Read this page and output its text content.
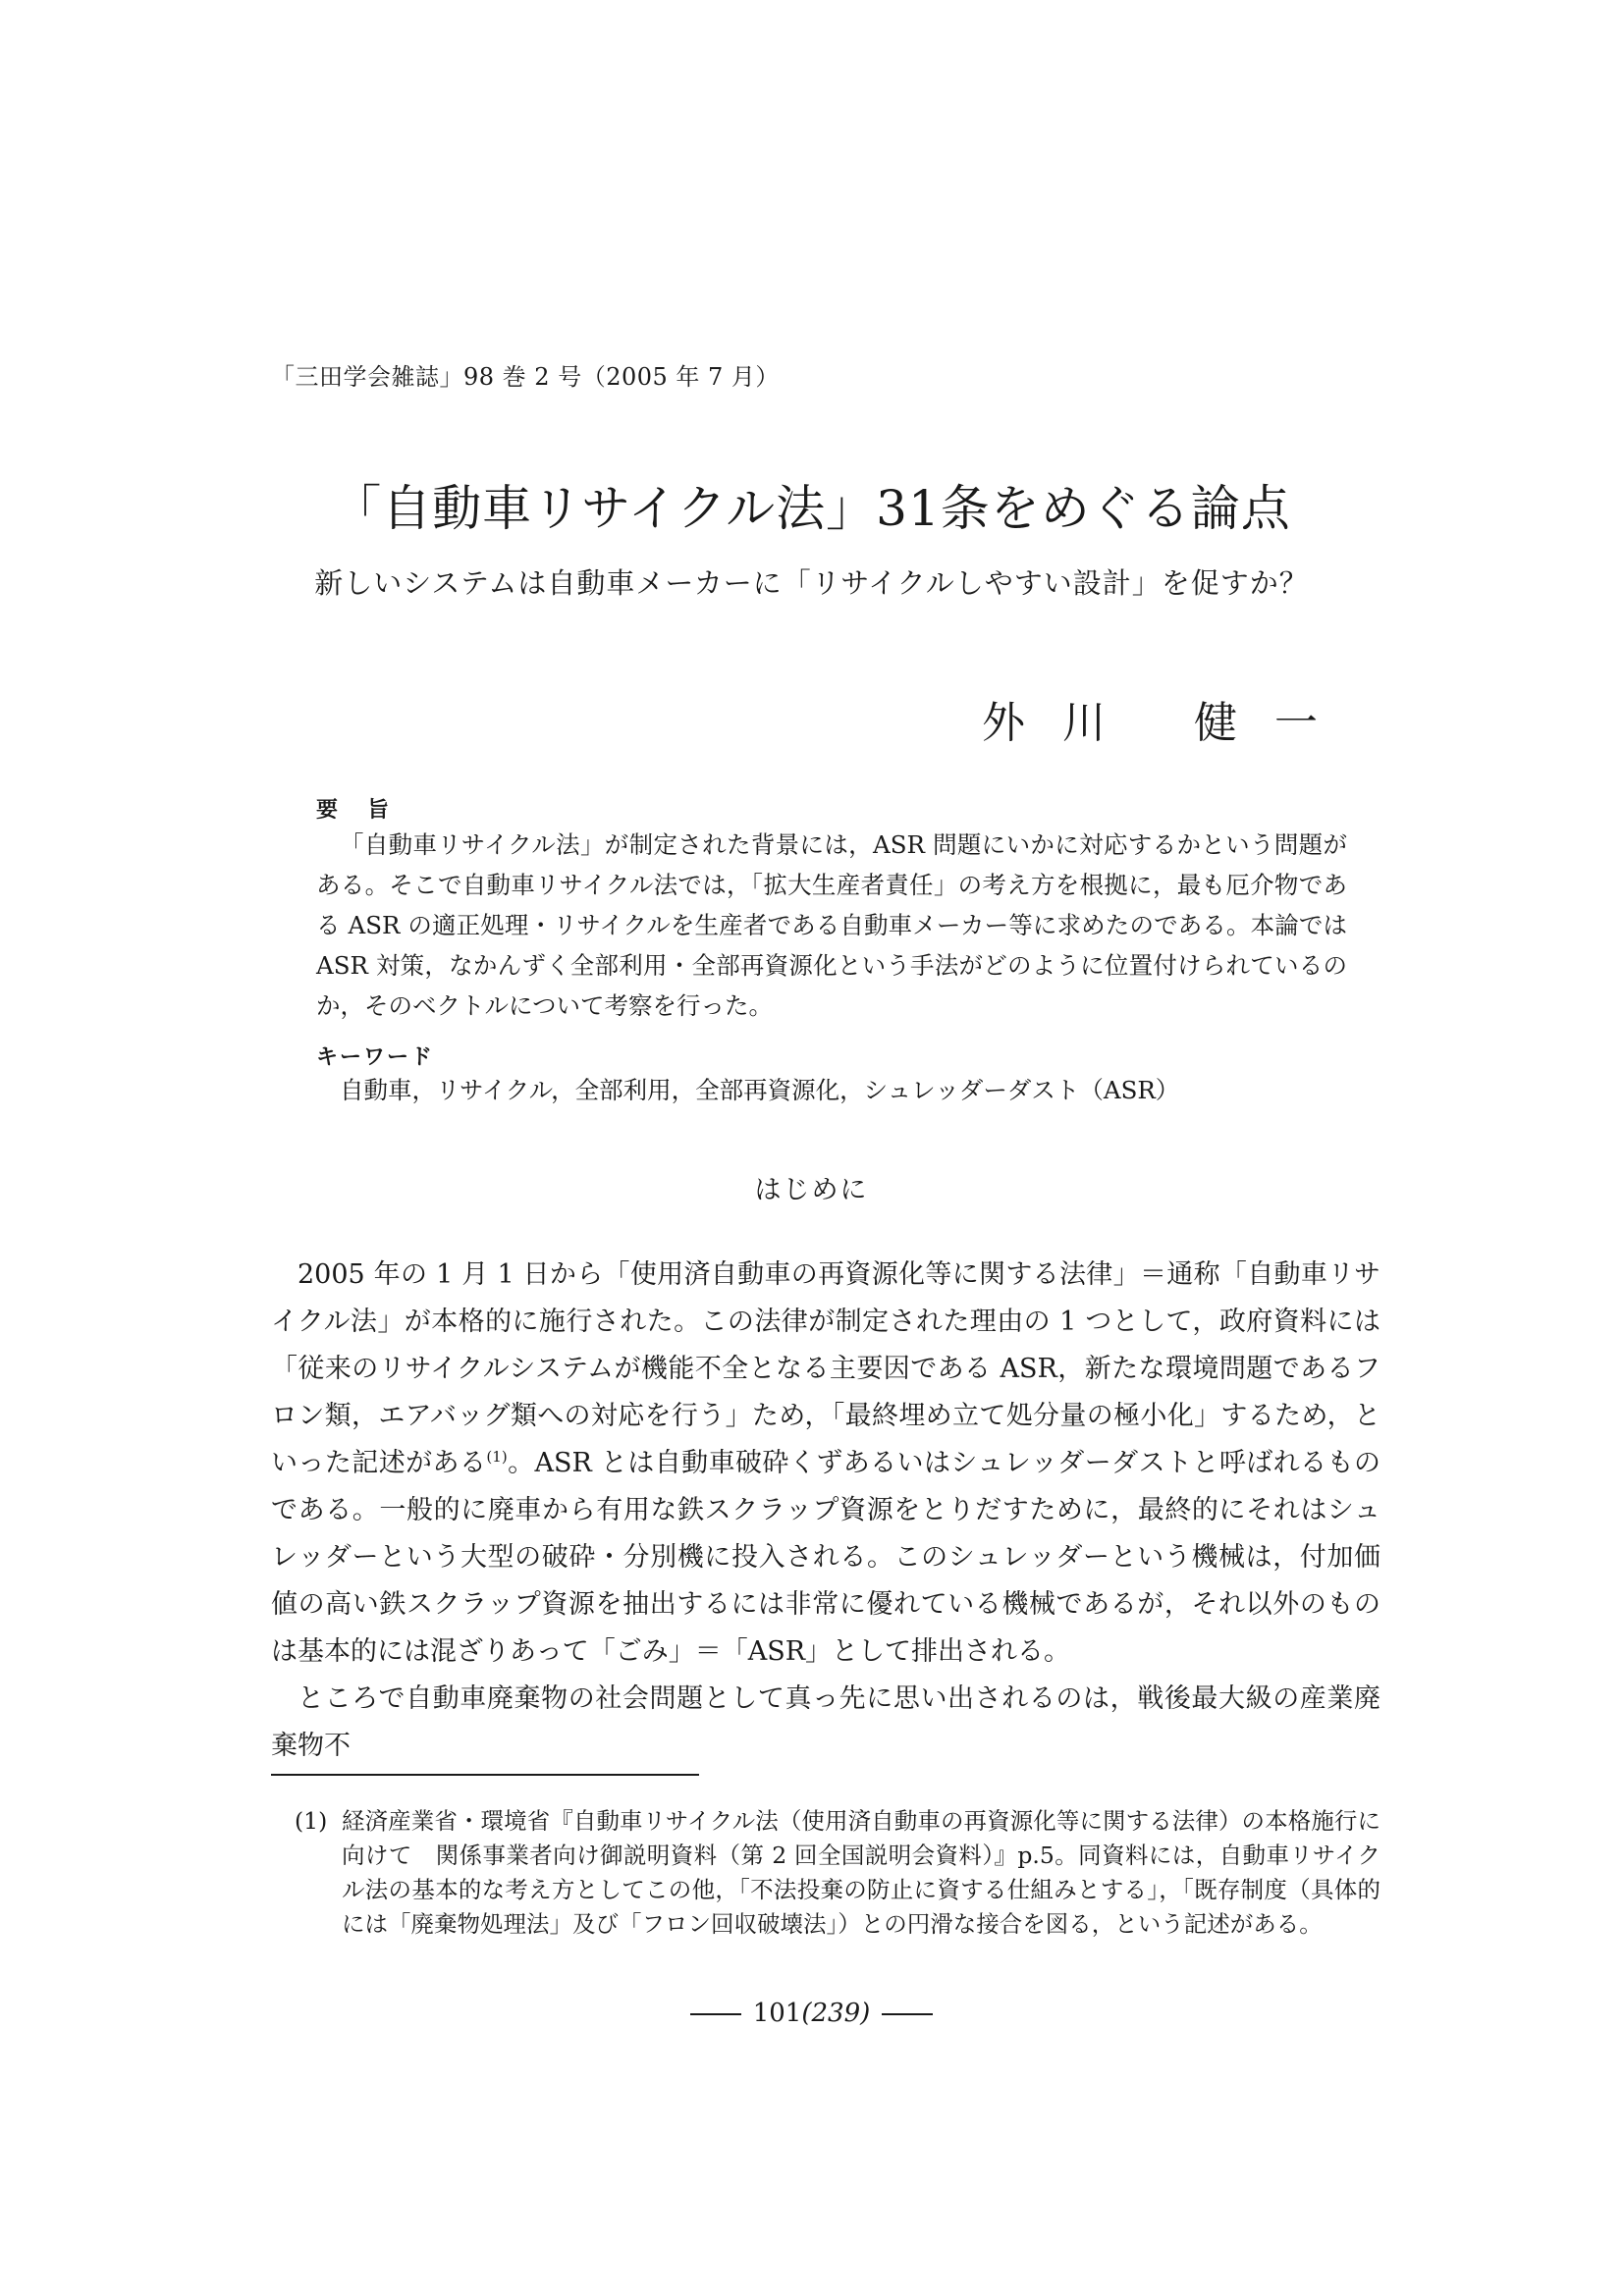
「三田学会雑誌」98 巻 2 号（2005 年 7 月）
「自動車リサイクル法」31条をめぐる論点
新しいシステムは自動車メーカーに「リサイクルしやすい設計」を促すか？
外川 健一
要旨
「自動車リサイクル法」が制定された背景には，ASR 問題にいかに対応するかという問題がある。そこで自動車リサイクル法では，「拡大生産者責任」の考え方を根拠に，最も厄介物である ASR の適正処理・リサイクルを生産者である自動車メーカー等に求めたのである。本論では ASR 対策，なかんずく全部利用・全部再資源化という手法がどのように位置付けられているのか，そのベクトルについて考察を行った。
キーワード
自動車，リサイクル，全部利用，全部再資源化，シュレッダーダスト（ASR）
はじめに

2005 年の 1 月 1 日から「使用済自動車の再資源化等に関する法律」＝通称「自動車リサイクル法」が本格的に施行された。この法律が制定された理由の 1 つとして，政府資料には「従来のリサイクルシステムが機能不全となる主要因である ASR，新たな環境問題であるフロン類，エアバッグ類への対応を行う」ため，「最終埋め立て処分量の極小化」するため，といった記述がある$^{(1)}$。ASR とは自動車破砕くずあるいはシュレッダーダストと呼ばれるものである。一般的に廃車から有用な鉄スクラップ資源をとりだすために，最終的にそれはシュレッダーという大型の破砕・分別機に投入される。このシュレッダーという機械は，付加価値の高い鉄スクラップ資源を抽出するには非常に優れている機械であるが，それ以外のものは基本的には混ざりあって「ごみ」＝「ASR」として排出される。

ところで自動車廃棄物の社会問題として真っ先に思い出されるのは，戦後最大級の産業廃棄物不

(1) 経済産業省・環境省『自動車リサイクル法（使用済自動車の再資源化等に関する法律）の本格施行に向けて　関係事業者向け御説明資料（第 2 回全国説明会資料）』p.5。同資料には，自動車リサイクル法の基本的な考え方としてこの他，「不法投棄の防止に資する仕組みとする」，「既存制度（具体的には「廃棄物処理法」及び「フロン回収破壊法」）との円滑な接合を図る，という記述がある。
101(239)
